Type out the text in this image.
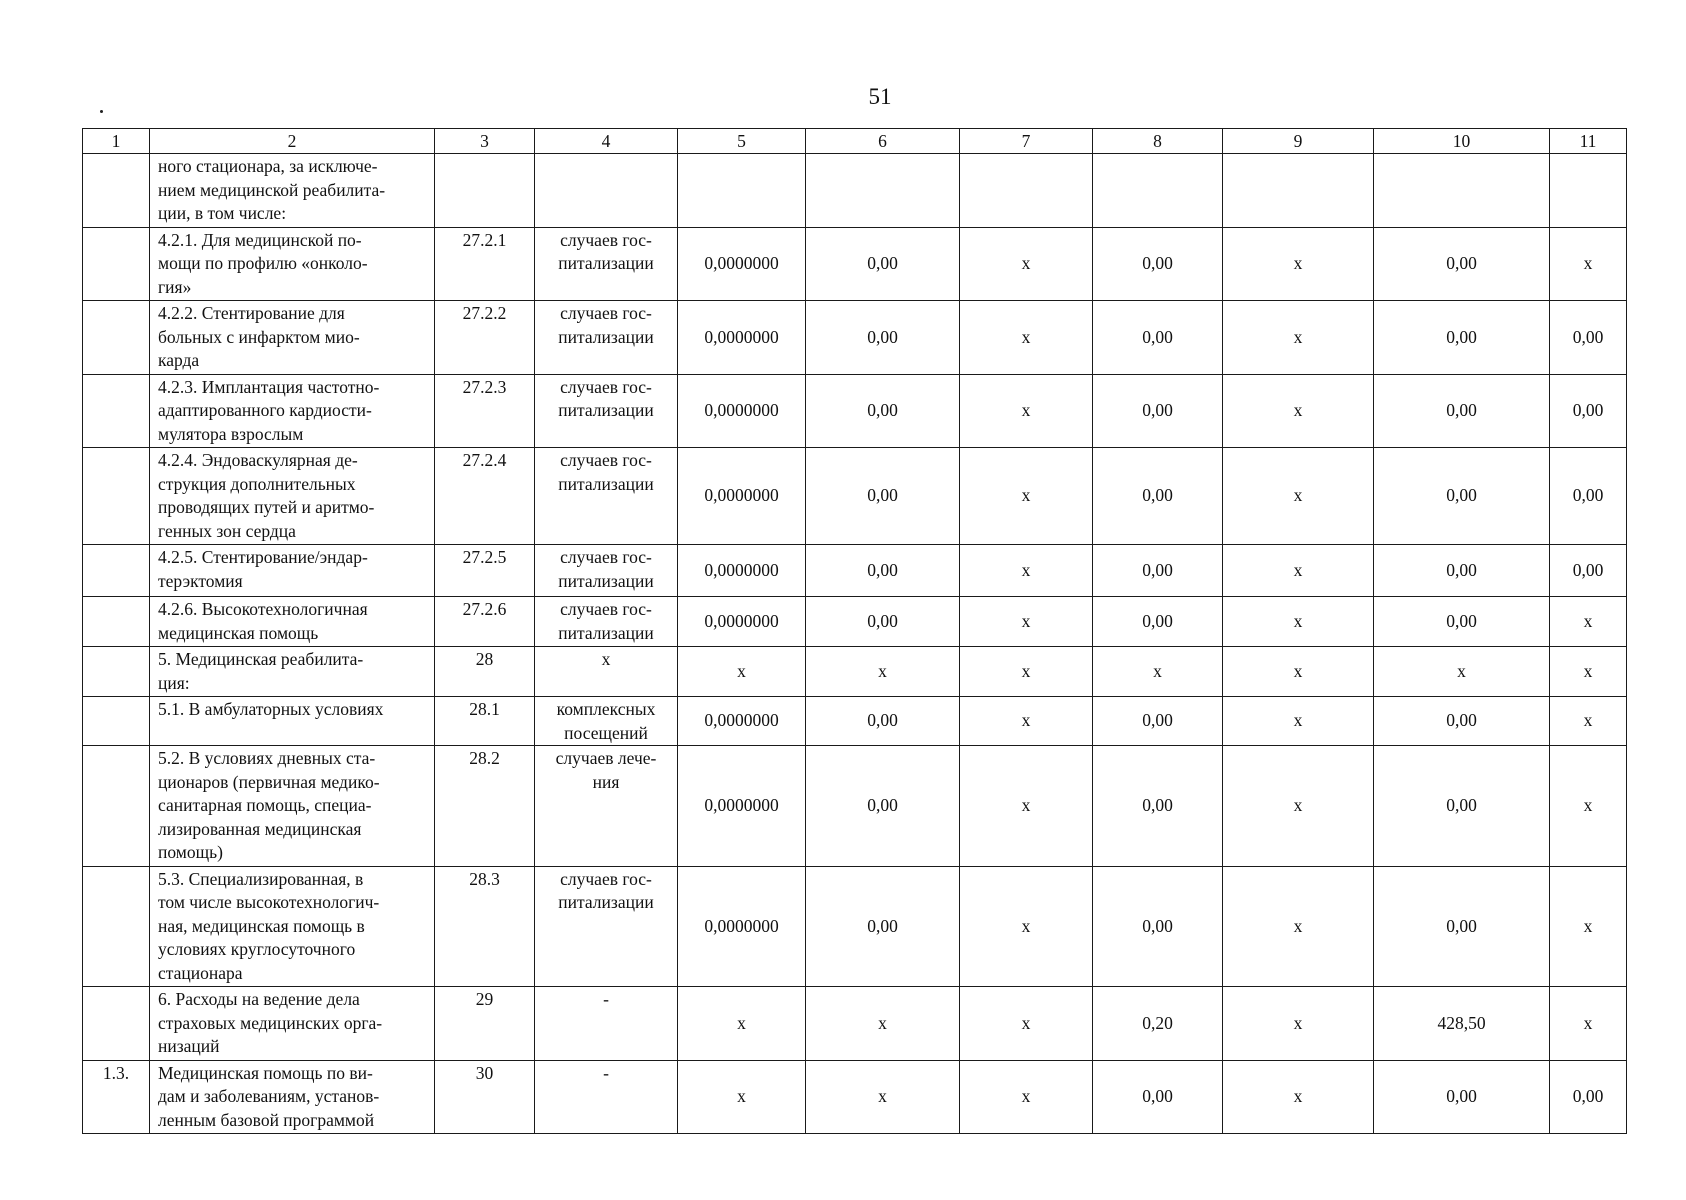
51
1	2	3	4	5	6	7	8	9	10	11

	ного стационара, за исключе-
нием медицинской реабилита-
ции, в том числе:									

	4.2.1. Для медицинской по-
мощи по профилю «онколо-
гия»	27.2.1	случаев гос-
питализации	0,0000000	0,00	х	0,00	х	0,00	х

	4.2.2. Стентирование для
больных с инфарктом мио-
карда	27.2.2	случаев гос-
питализации	0,0000000	0,00	х	0,00	х	0,00	0,00

	4.2.3. Имплантация частотно-
адаптированного кардиости-
мулятора взрослым	27.2.3	случаев гос-
питализации	0,0000000	0,00	х	0,00	х	0,00	0,00

	4.2.4. Эндоваскулярная де-
струкция дополнительных
проводящих путей и аритмо-
генных зон сердца	27.2.4	случаев гос-
питализации	0,0000000	0,00	х	0,00	х	0,00	0,00

	4.2.5. Стентирование/эндар-
терэктомия	27.2.5	случаев гос-
питализации	0,0000000	0,00	х	0,00	х	0,00	0,00

	4.2.6. Высокотехнологичная
медицинская помощь	27.2.6	случаев гос-
питализации	0,0000000	0,00	х	0,00	х	0,00	х

	5. Медицинская реабилита-
ция:	28	х	х	х	х	х	х	х	х

	5.1. В амбулаторных условиях	28.1	комплексных
посещений	0,0000000	0,00	х	0,00	х	0,00	х

	5.2. В условиях дневных ста-
ционаров (первичная медико-
санитарная помощь, специа-
лизированная медицинская
помощь)	28.2	случаев лече-
ния	0,0000000	0,00	х	0,00	х	0,00	х

	5.3. Специализированная, в
том числе высокотехнологич-
ная, медицинская помощь в
условиях круглосуточного
стационара	28.3	случаев гос-
питализации	0,0000000	0,00	х	0,00	х	0,00	х

	6. Расходы на ведение дела
страховых медицинских орга-
низаций	29	-	х	х	х	0,20	х	428,50	х
1.3.	Медицинская помощь по ви-
дам и заболеваниям, установ-
ленным базовой программой	30	-	х	х	х	0,00	х	0,00	0,00
